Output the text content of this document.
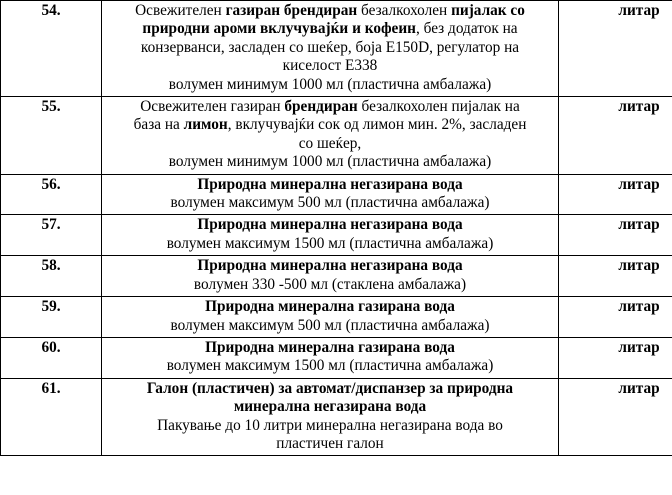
54.	Освежителен газиран брендиран безалкохолен пијалак со
природни ароми вклучувајќи и кофеин, без додаток на
конзерванси, засладен со шеќер, боја E150D, регулатор на
киселост Е338
волумен минимум 1000 мл (пластична амбалажа)	литар
55.	Освежителен газиран брендиран безалкохолен пијалак на
база на лимон, вклучувајќи сок од лимон мин. 2%, засладен
со шеќер,
волумен минимум 1000 мл (пластична амбалажа)	литар
56.	Природна минерална негазирана вода
волумен максимум 500 мл (пластична амбалажа)	литар
57.	Природна минерална негазирана вода
волумен максимум 1500 мл (пластична амбалажа)	литар
58.	Природна минерална негазирана вода
волумен 330 -500 мл (стаклена амбалажа)	литар
59.	Природна минерална газирана вода
волумен максимум 500 мл (пластична амбалажа)	литар
60.	Природна минерална газирана вода
волумен максимум 1500 мл (пластична амбалажа)	литар
61.	Галон (пластичен) за автомат/диспанзер за природна
минерална негазирана вода
Пакување до 10 литри минерална негазирана вода во
пластичен галон	литар
